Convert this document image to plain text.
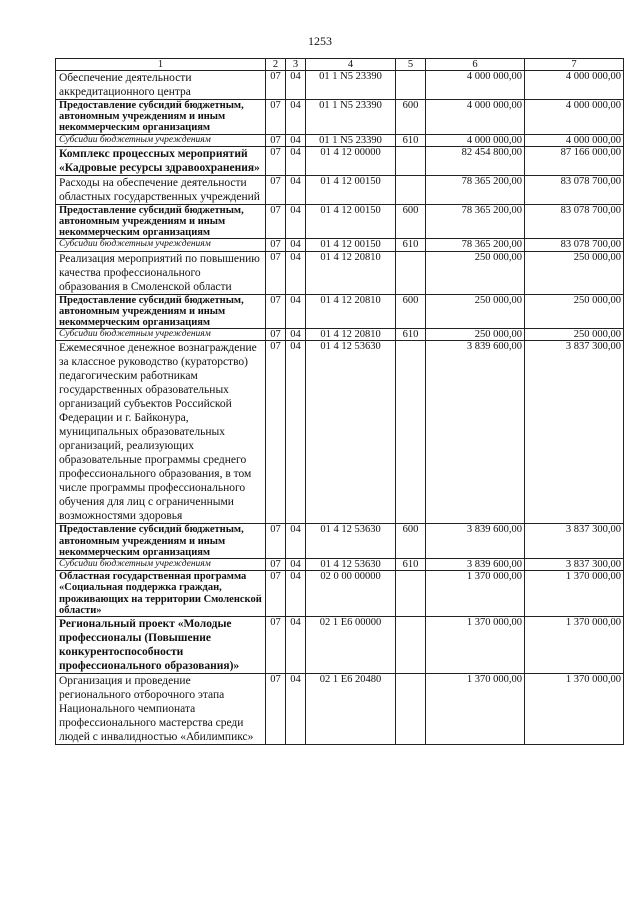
1253
1	2	3	4	5	6	7
Обеспечение деятельности аккредитационного центра	07	04	01 1 N5 23390		4 000 000,00	4 000 000,00
Предоставление субсидий бюджетным, автономным учреждениям и иным некоммерческим организациям	07	04	01 1 N5 23390	600	4 000 000,00	4 000 000,00
Субсидии бюджетным учреждениям	07	04	01 1 N5 23390	610	4 000 000,00	4 000 000,00
Комплекс процессных мероприятий «Кадровые ресурсы здравоохранения»	07	04	01 4 12 00000		82 454 800,00	87 166 000,00
Расходы на обеспечение деятельности областных государственных учреждений	07	04	01 4 12 00150		78 365 200,00	83 078 700,00
Предоставление субсидий бюджетным, автономным учреждениям и иным некоммерческим организациям	07	04	01 4 12 00150	600	78 365 200,00	83 078 700,00
Субсидии бюджетным учреждениям	07	04	01 4 12 00150	610	78 365 200,00	83 078 700,00
Реализация мероприятий по повышению качества профессионального образования в Смоленской области	07	04	01 4 12 20810		250 000,00	250 000,00
Предоставление субсидий бюджетным, автономным учреждениям и иным некоммерческим организациям	07	04	01 4 12 20810	600	250 000,00	250 000,00
Субсидии бюджетным учреждениям	07	04	01 4 12 20810	610	250 000,00	250 000,00
Ежемесячное денежное вознаграждение за классное руководство (кураторство) педагогическим работникам государственных образовательных организаций субъектов Российской Федерации и г. Байконура, муниципальных образовательных организаций, реализующих образовательные программы среднего профессионального образования, в том числе программы профессионального обучения для лиц с ограниченными возможностями здоровья	07	04	01 4 12 53630		3 839 600,00	3 837 300,00
Предоставление субсидий бюджетным, автономным учреждениям и иным некоммерческим организациям	07	04	01 4 12 53630	600	3 839 600,00	3 837 300,00
Субсидии бюджетным учреждениям	07	04	01 4 12 53630	610	3 839 600,00	3 837 300,00
Областная государственная программа «Социальная поддержка граждан, проживающих на территории Смоленской области»	07	04	02 0 00 00000		1 370 000,00	1 370 000,00
Региональный проект «Молодые профессионалы (Повышение конкурентоспособности профессионального образования)»	07	04	02 1 Е6 00000		1 370 000,00	1 370 000,00
Организация и проведение регионального отборочного этапа Национального чемпионата профессионального мастерства среди людей с инвалидностью «Абилимпикс»	07	04	02 1 Е6 20480		1 370 000,00	1 370 000,00
